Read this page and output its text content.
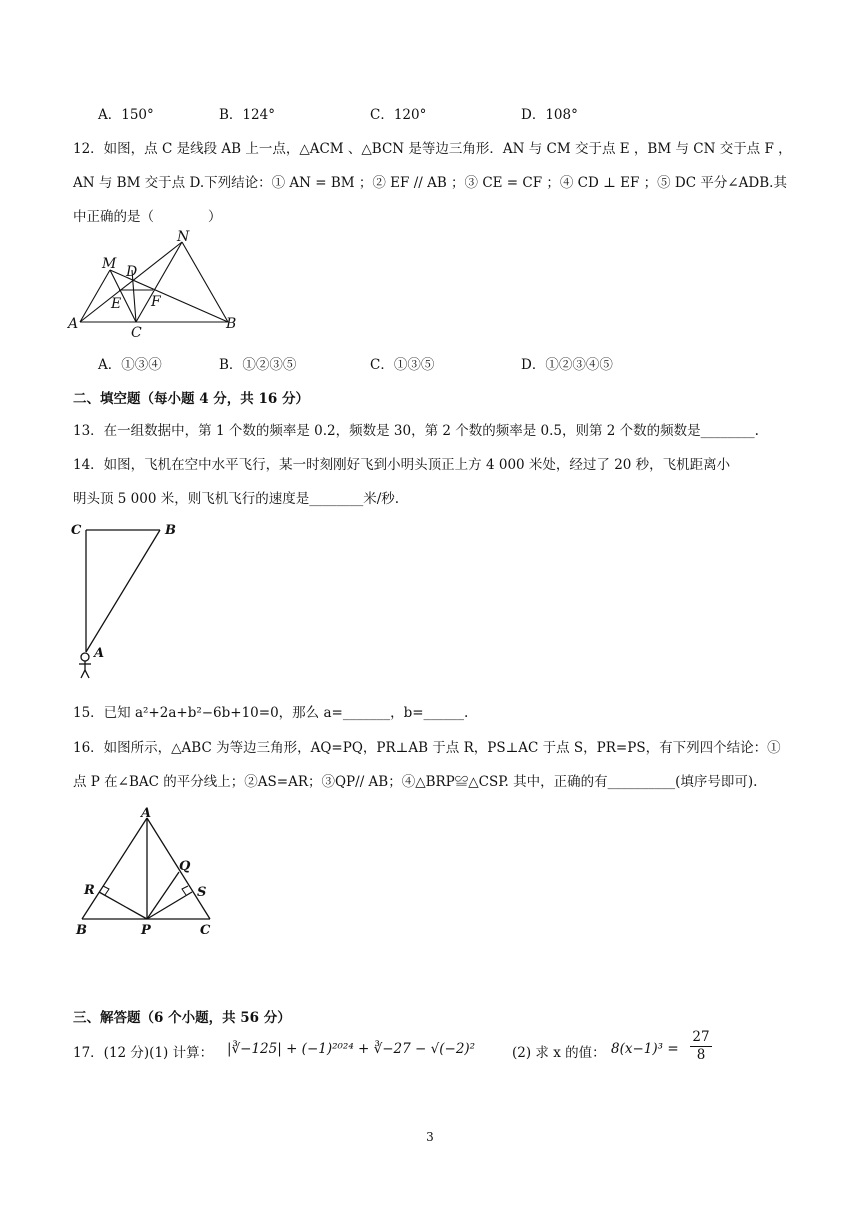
A．150°	B．124°	C．120°	D．108°
12．如图，点 C 是线段 AB 上一点，△ACM 、△BCN 是等边三角形．AN 与 CM 交于点 E ，BM 与 CN 交于点 F ，
AN 与 BM 交于点 D.下列结论：① AN = BM ；② EF // AB ；③ CE = CF ；④ CD ⊥ EF ；⑤ DC 平分∠ADB.其
中正确的是（　　　　）
M
N
D
E F
A
C
B
A．①③④	B．①②③⑤	C．①③⑤	D．①②③④⑤
二、填空题（每小题 4 分，共 16 分）
13．在一组数据中，第 1 个数的频率是 0.2，频数是 30，第 2 个数的频率是 0.5，则第 2 个数的频数是________.
14．如图，飞机在空中水平飞行，某一时刻刚好飞到小明头顶正上方 4 000 米处，经过了 20 秒，飞机距离小
明头顶 5 000 米，则飞机飞行的速度是________米/秒.
C	B
A
15．已知 a²+2a+b²−6b+10=0，那么 a=_______，b=______.
16．如图所示，△ABC 为等边三角形，AQ=PQ，PR⊥AB 于点 R，PS⊥AC 于点 S，PR=PS，有下列四个结论：①
点 P 在∠BAC 的平分线上；②AS=AR；③QP// AB；④△BRP≌△CSP. 其中，正确的有__________(填序号即可).
A
Q
R	S
B	P	C
三、解答题（6 个小题，共 56 分）
17．(12 分)(1) 计算： |∛−125| + (−1)²⁰²⁴ + ∛−27 − √(−2)²	(2) 求 x 的值： 8(x−1)³ =
27
8
3
